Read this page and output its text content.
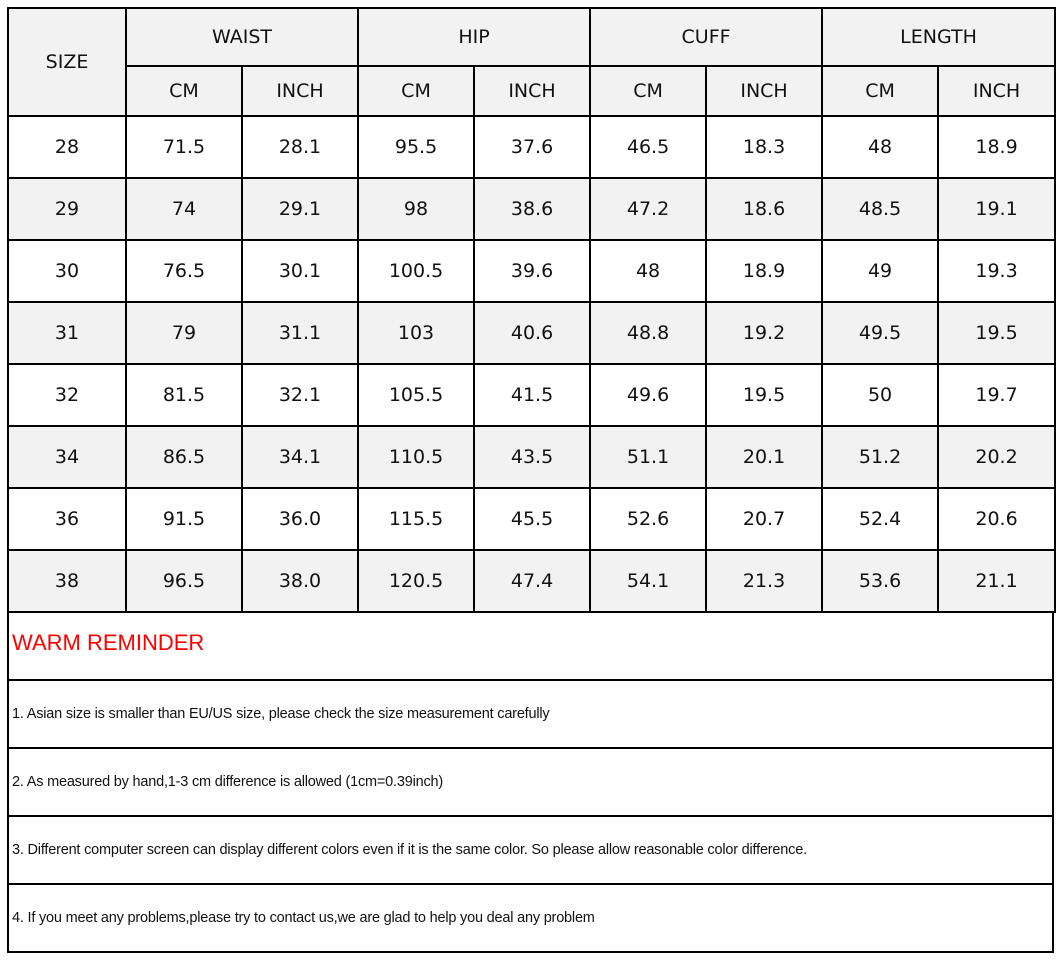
SIZE	WAIST		HIP		CUFF		LENGTH	
	CM	INCH	CM	INCH	CM	INCH	CM	INCH
28	71.5	28.1	95.5	37.6	46.5	18.3	48	18.9
29	74	29.1	98	38.6	47.2	18.6	48.5	19.1
30	76.5	30.1	100.5	39.6	48	18.9	49	19.3
31	79	31.1	103	40.6	48.8	19.2	49.5	19.5
32	81.5	32.1	105.5	41.5	49.6	19.5	50	19.7
34	86.5	34.1	110.5	43.5	51.1	20.1	51.2	20.2
36	91.5	36.0	115.5	45.5	52.6	20.7	52.4	20.6
38	96.5	38.0	120.5	47.4	54.1	21.3	53.6	21.1
WARM REMINDER
1. Asian size is smaller than EU/US size, please check the size measurement carefully
2. As measured by hand,1-3 cm difference is allowed (1cm=0.39inch)
3. Different computer screen can display different colors even if it is the same color. So please allow reasonable color difference.
4. If you meet any problems,please try to contact us,we are glad to help you deal any problem
